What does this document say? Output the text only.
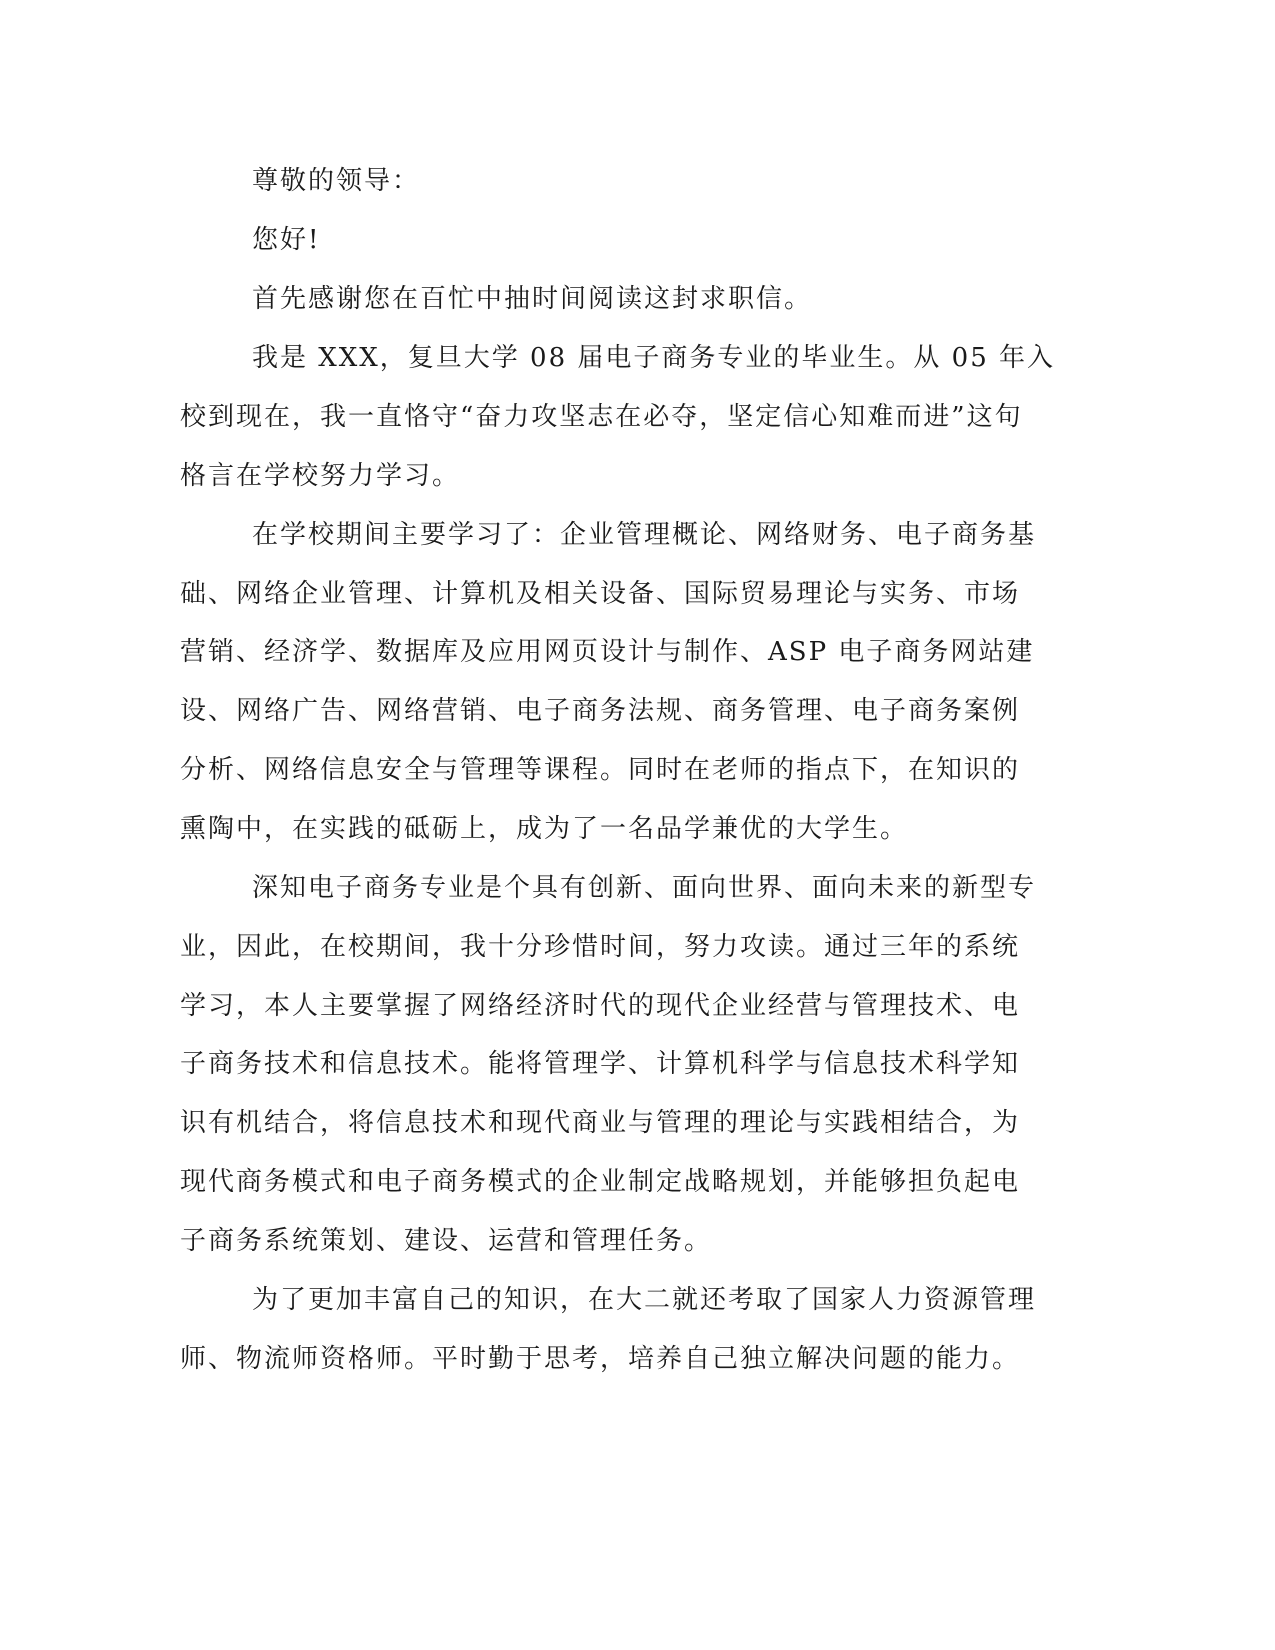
尊敬的领导：
您好!
首先感谢您在百忙中抽时间阅读这封求职信。
我是 XXX，复旦大学 08 届电子商务专业的毕业生。从 05 年入
校到现在，我一直恪守“奋力攻坚志在必夺，坚定信心知难而进”这句
格言在学校努力学习。
在学校期间主要学习了：企业管理概论、网络财务、电子商务基
础、网络企业管理、计算机及相关设备、国际贸易理论与实务、市场
营销、经济学、数据库及应用网页设计与制作、ASP 电子商务网站建
设、网络广告、网络营销、电子商务法规、商务管理、电子商务案例
分析、网络信息安全与管理等课程。同时在老师的指点下，在知识的
熏陶中，在实践的砥砺上，成为了一名品学兼优的大学生。
深知电子商务专业是个具有创新、面向世界、面向未来的新型专
业，因此，在校期间，我十分珍惜时间，努力攻读。通过三年的系统
学习，本人主要掌握了网络经济时代的现代企业经营与管理技术、电
子商务技术和信息技术。能将管理学、计算机科学与信息技术科学知
识有机结合，将信息技术和现代商业与管理的理论与实践相结合，为
现代商务模式和电子商务模式的企业制定战略规划，并能够担负起电
子商务系统策划、建设、运营和管理任务。
为了更加丰富自己的知识，在大二就还考取了国家人力资源管理
师、物流师资格师。平时勤于思考，培养自己独立解决问题的能力。
